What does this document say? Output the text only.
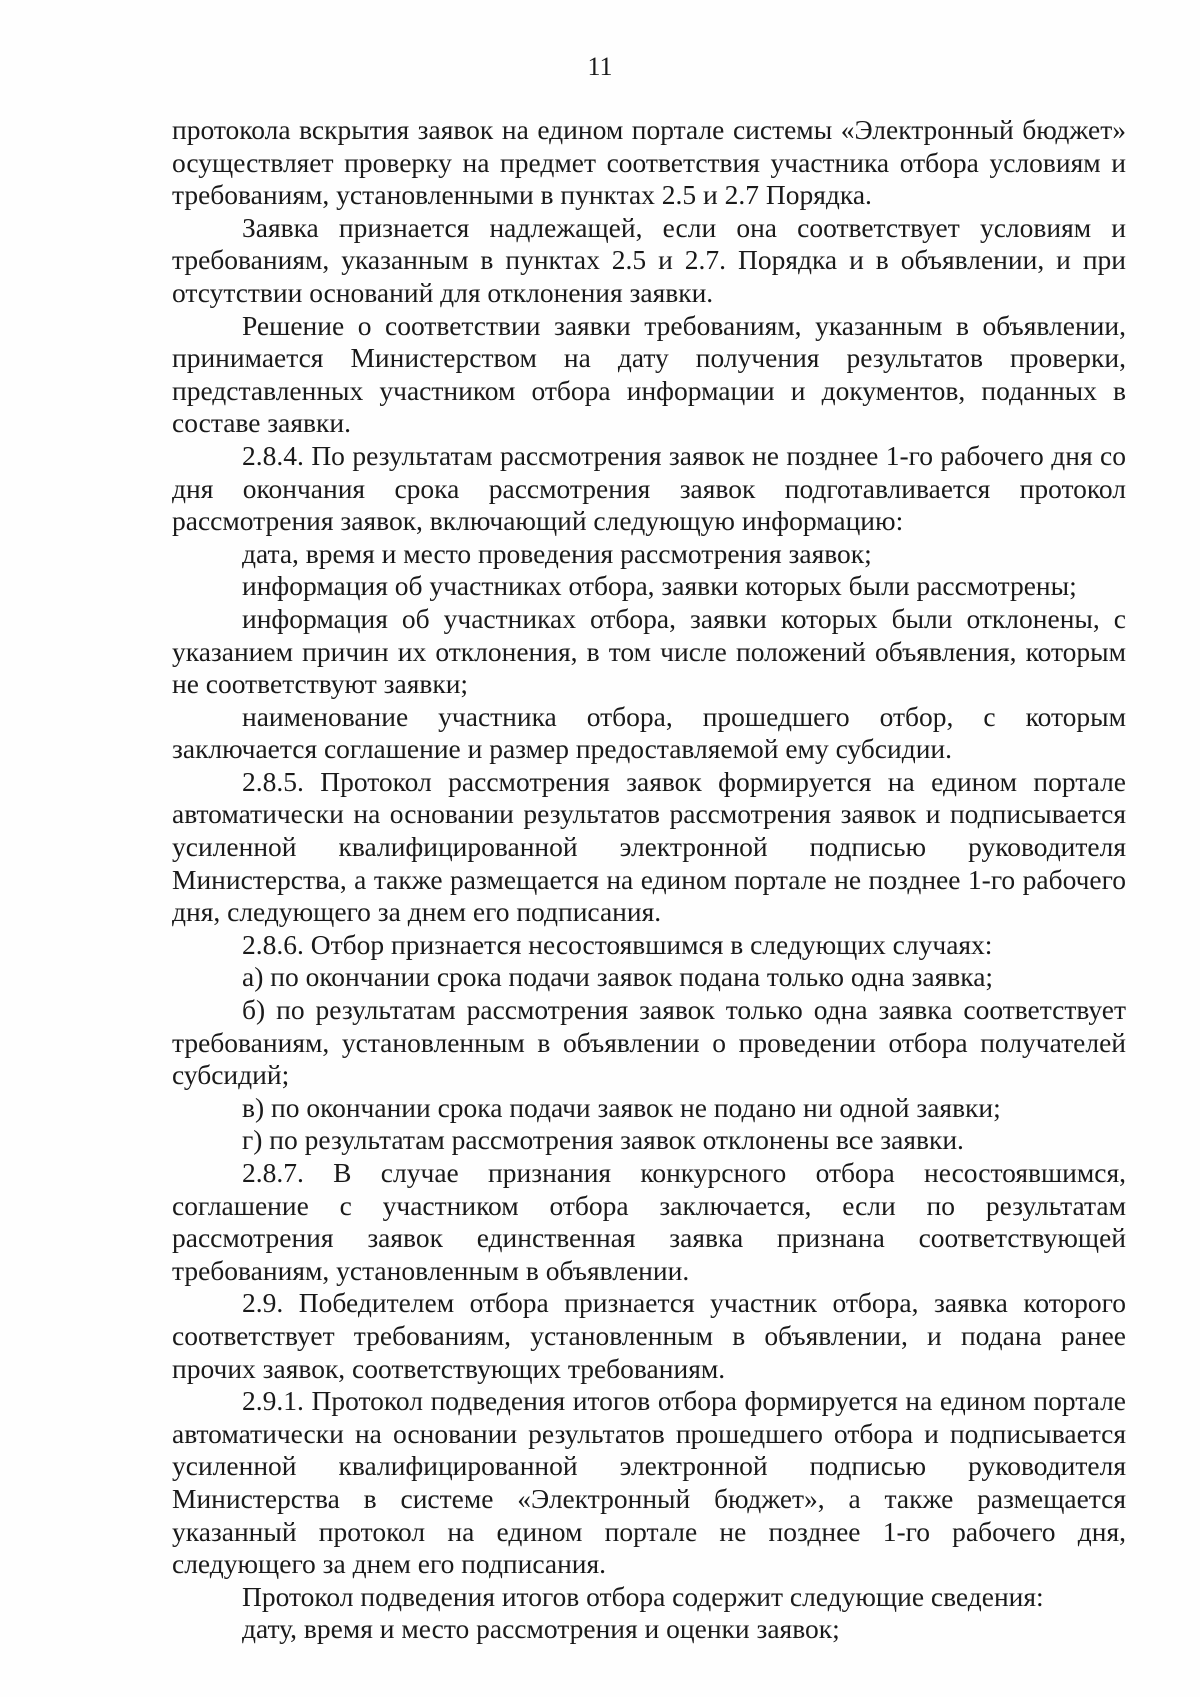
11

протокола вскрытия заявок на едином портале системы «Электронный бюджет» осуществляет проверку на предмет соответствия участника отбора условиям и требованиям, установленными в пунктах 2.5 и 2.7 Порядка.

Заявка признается надлежащей, если она соответствует условиям и требованиям, указанным в пунктах 2.5 и 2.7. Порядка и в объявлении, и при отсутствии оснований для отклонения заявки.

Решение о соответствии заявки требованиям, указанным в объявлении, принимается Министерством на дату получения результатов проверки, представленных участником отбора информации и документов, поданных в составе заявки.

2.8.4. По результатам рассмотрения заявок не позднее 1-го рабочего дня со дня окончания срока рассмотрения заявок подготавливается протокол рассмотрения заявок, включающий следующую информацию:

дата, время и место проведения рассмотрения заявок;

информация об участниках отбора, заявки которых были рассмотрены;

информация об участниках отбора, заявки которых были отклонены, с указанием причин их отклонения, в том числе положений объявления, которым не соответствуют заявки;

наименование участника отбора, прошедшего отбор, с которым заключается соглашение и размер предоставляемой ему субсидии.

2.8.5. Протокол рассмотрения заявок формируется на едином портале автоматически на основании результатов рассмотрения заявок и подписывается усиленной квалифицированной электронной подписью руководителя Министерства, а также размещается на едином портале не позднее 1-го рабочего дня, следующего за днем его подписания.

2.8.6. Отбор признается несостоявшимся в следующих случаях:

а) по окончании срока подачи заявок подана только одна заявка;

б) по результатам рассмотрения заявок только одна заявка соответствует требованиям, установленным в объявлении о проведении отбора получателей субсидий;

в) по окончании срока подачи заявок не подано ни одной заявки;

г) по результатам рассмотрения заявок отклонены все заявки.

2.8.7. В случае признания конкурсного отбора несостоявшимся, соглашение с участником отбора заключается, если по результатам рассмотрения заявок единственная заявка признана соответствующей требованиям, установленным в объявлении.

2.9. Победителем отбора признается участник отбора, заявка которого соответствует требованиям, установленным в объявлении, и подана ранее прочих заявок, соответствующих требованиям.

2.9.1. Протокол подведения итогов отбора формируется на едином портале автоматически на основании результатов прошедшего отбора и подписывается усиленной квалифицированной электронной подписью руководителя Министерства в системе «Электронный бюджет», а также размещается указанный протокол на едином портале не позднее 1-го рабочего дня, следующего за днем его подписания.

Протокол подведения итогов отбора содержит следующие сведения:

дату, время и место рассмотрения и оценки заявок;
